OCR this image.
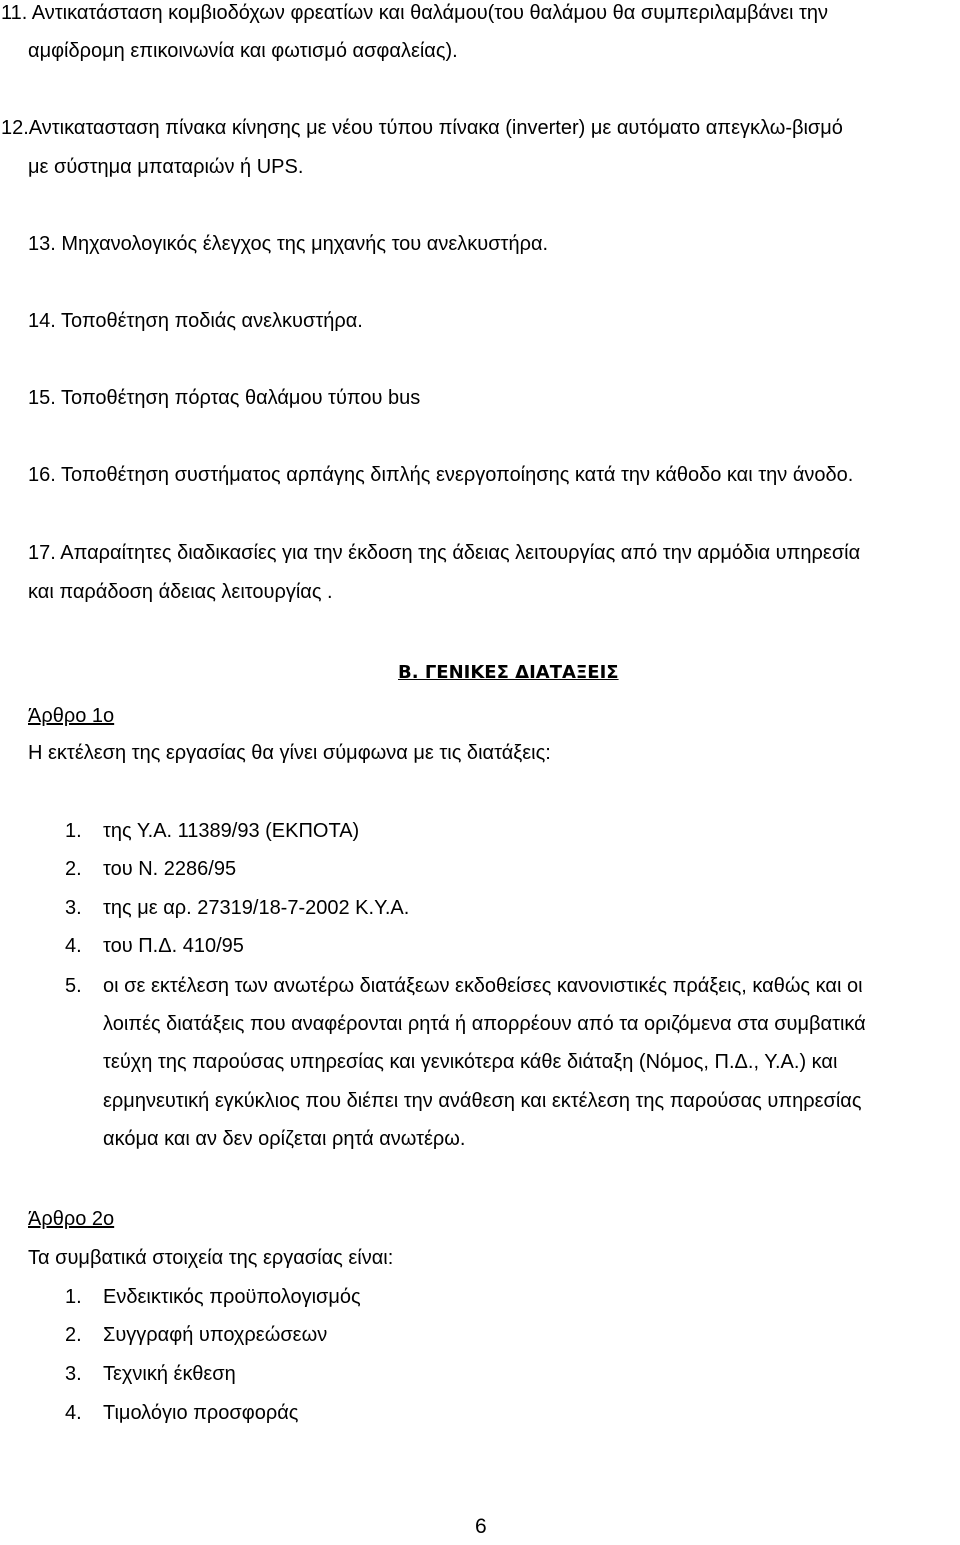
11. Αντικατάσταση κομβιοδόχων φρεατίων και θαλάμου(του θαλάμου θα συμπεριλαμβάνει την
αμφίδρομη επικοινωνία και φωτισμό ασφαλείας).
12.Αντικατασταση πίνακα κίνησης με νέου τύπου πίνακα (inverter) με αυτόματο απεγκλω-βισμό
με σύστημα μπαταριών ή UPS.
13. Μηχανολογικός έλεγχος της μηχανής του ανελκυστήρα.
14. Τοποθέτηση ποδιάς ανελκυστήρα.
15. Τοποθέτηση πόρτας θαλάμου τύπου bus
16. Τοποθέτηση συστήματος αρπάγης διπλής ενεργοποίησης κατά την κάθοδο και την άνοδο.
17. Απαραίτητες διαδικασίες για την έκδοση της άδειας λειτουργίας από την αρμόδια υπηρεσία
και παράδοση άδειας λειτουργίας .
Β. ΓΕΝΙΚΕΣ ΔΙΑΤΑΞΕΙΣ
Άρθρο 1ο
Η εκτέλεση της εργασίας θα γίνει σύμφωνα με τις διατάξεις:
1. της Υ.Α. 11389/93 (ΕΚΠΟΤΑ)
2. του Ν. 2286/95
3. της με αρ. 27319/18-7-2002 Κ.Υ.Α.
4. του Π.Δ. 410/95
5. οι σε εκτέλεση των ανωτέρω διατάξεων εκδοθείσες κανονιστικές πράξεις, καθώς και οι
λοιπές διατάξεις που αναφέρονται ρητά ή απορρέουν από τα οριζόμενα στα συμβατικά
τεύχη της παρούσας υπηρεσίας και γενικότερα κάθε διάταξη (Νόμος, Π.Δ., Υ.Α.) και
ερμηνευτική εγκύκλιος που διέπει την ανάθεση και εκτέλεση της παρούσας υπηρεσίας
ακόμα και αν δεν ορίζεται ρητά ανωτέρω.
Άρθρο 2ο
Τα συμβατικά στοιχεία της εργασίας είναι:
1. Ενδεικτικός προϋπολογισμός
2. Συγγραφή υποχρεώσεων
3. Τεχνική έκθεση
4. Τιμολόγιο προσφοράς
6
